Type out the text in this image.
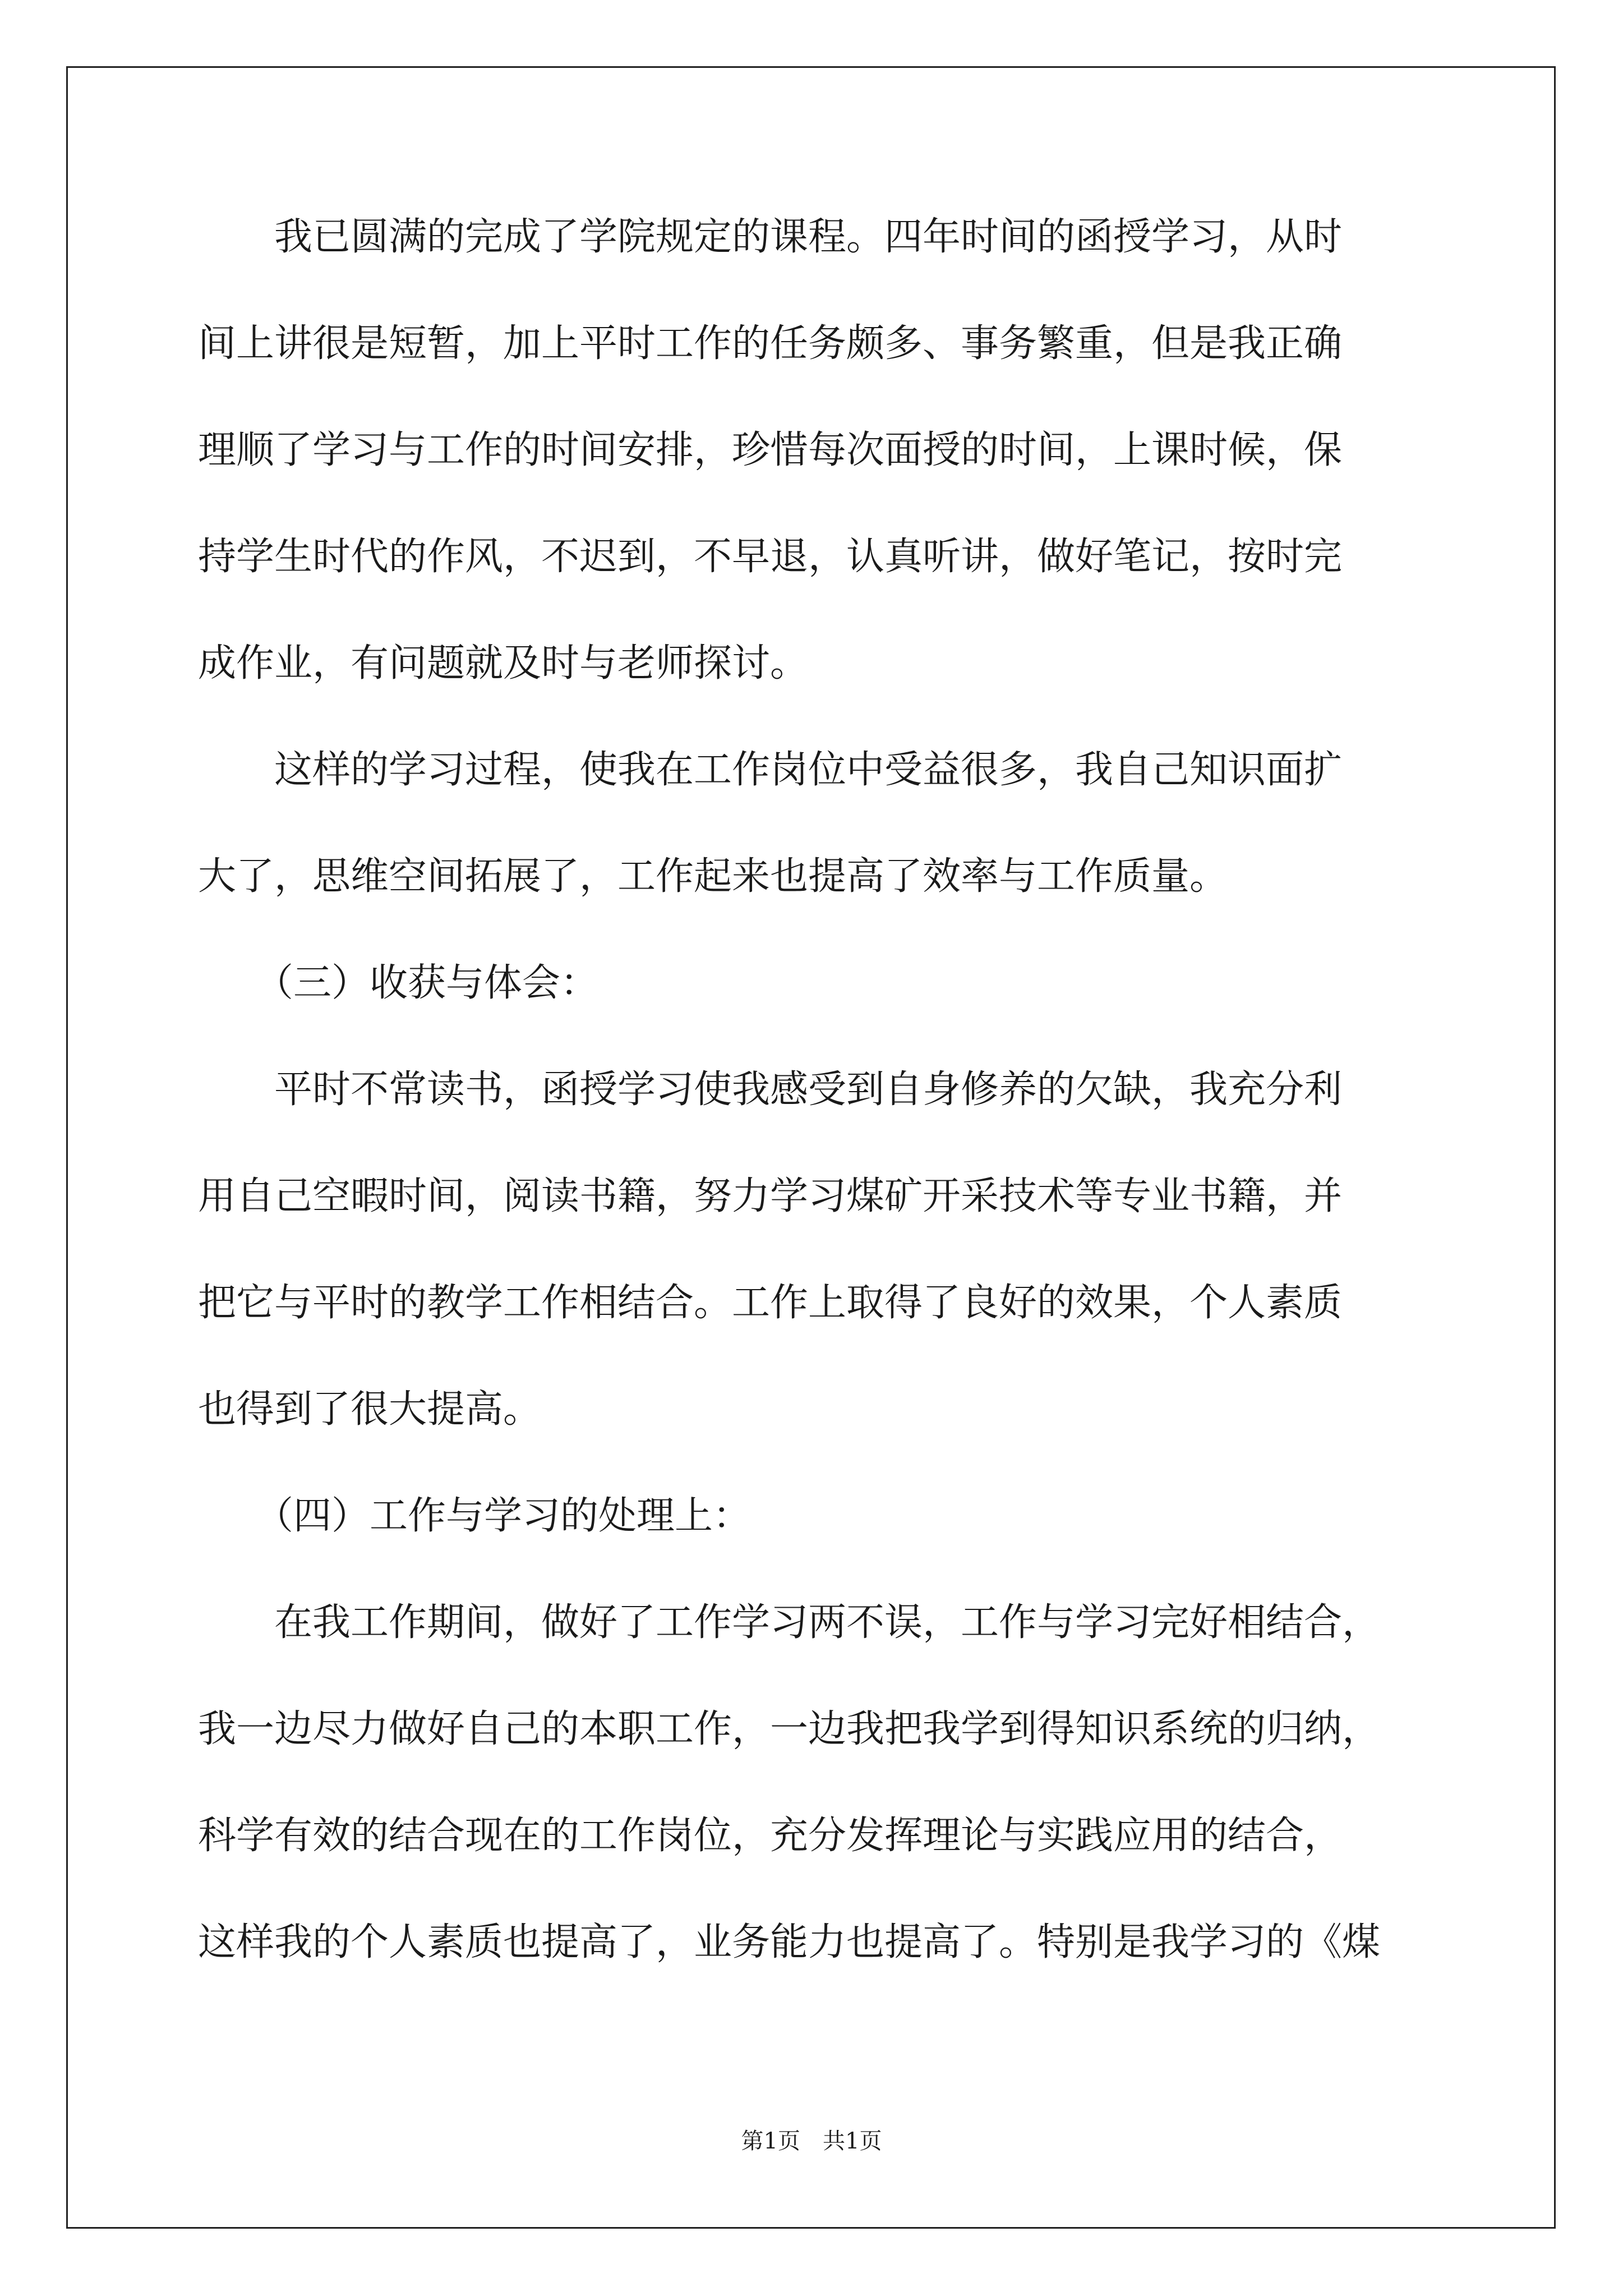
　　我已圆满的完成了学院规定的课程。四年时间的函授学习，从时
间上讲很是短暂，加上平时工作的任务颇多、事务繁重，但是我正确
理顺了学习与工作的时间安排，珍惜每次面授的时间，上课时候，保
持学生时代的作风，不迟到，不早退，认真听讲，做好笔记，按时完
成作业，有问题就及时与老师探讨。
　　这样的学习过程，使我在工作岗位中受益很多，我自己知识面扩
大了，思维空间拓展了，工作起来也提高了效率与工作质量。
　　（三）收获与体会：
　　平时不常读书，函授学习使我感受到自身修养的欠缺，我充分利
用自己空暇时间，阅读书籍，努力学习煤矿开采技术等专业书籍，并
把它与平时的教学工作相结合。工作上取得了良好的效果，个人素质
也得到了很大提高。
　　（四）工作与学习的处理上：
　　在我工作期间，做好了工作学习两不误，工作与学习完好相结合，
我一边尽力做好自己的本职工作，一边我把我学到得知识系统的归纳，
科学有效的结合现在的工作岗位，充分发挥理论与实践应用的结合，
这样我的个人素质也提高了，业务能力也提高了。特别是我学习的《煤
第1页　共1页
